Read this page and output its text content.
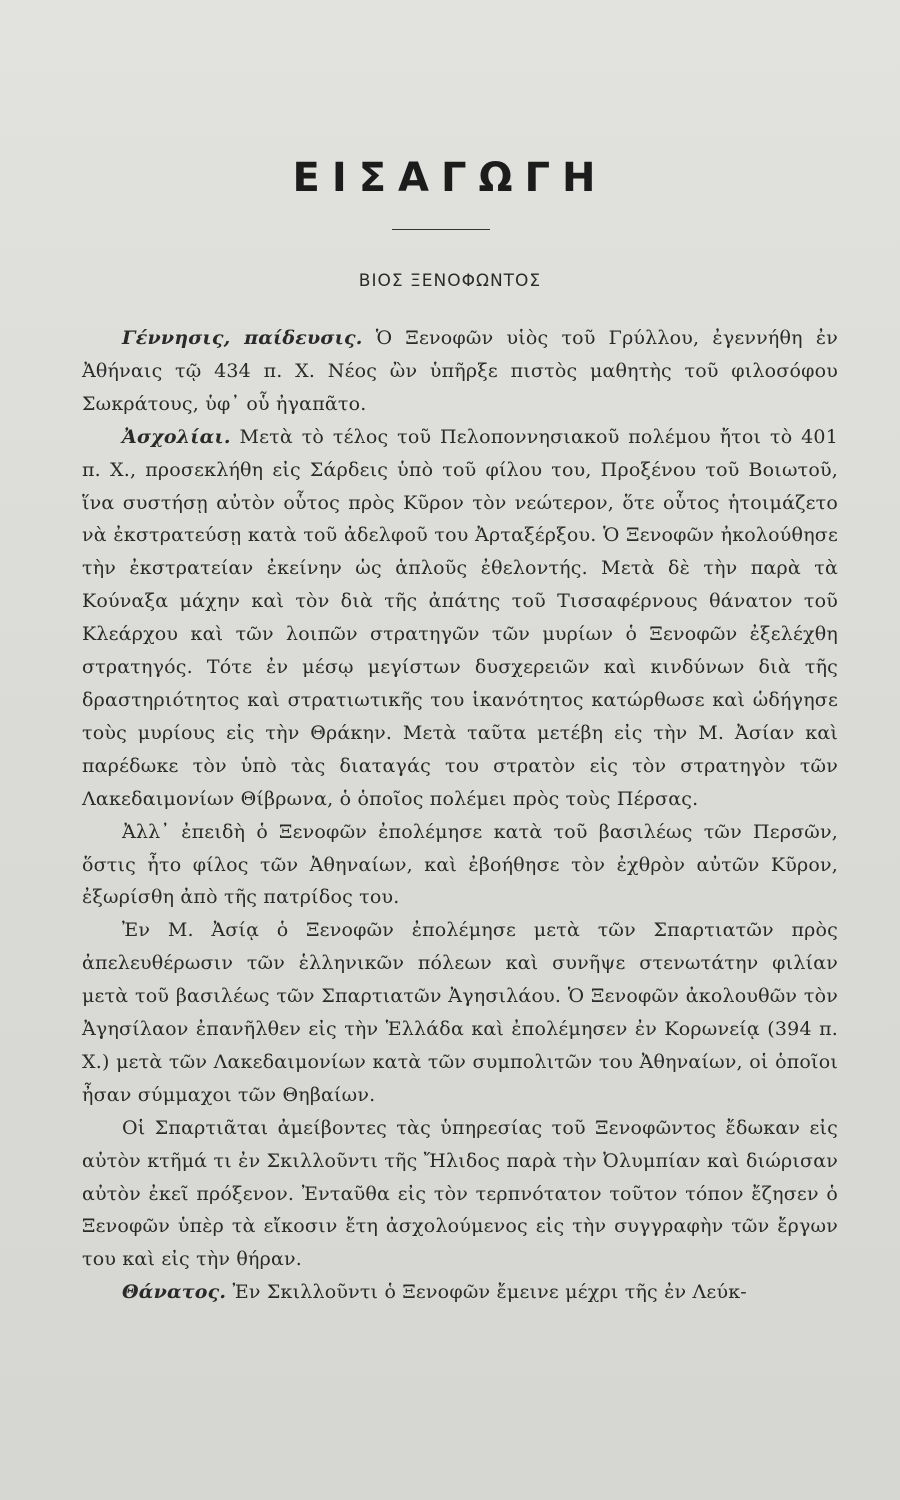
ΕΙΣΑΓΩΓΗ
ΒΙΟΣ ΞΕΝΟΦΩΝΤΟΣ

Γέννησις, παίδευσις. Ὁ Ξενοφῶν υἱὸς τοῦ Γρύλλου, ἐγεννήθη ἐν Ἀθήναις τῷ 434 π. Χ. Νέος ὢν ὑπῆρξε πιστὸς μαθητὴς τοῦ φιλοσόφου Σωκράτους, ὑφ᾿ οὗ ἠγαπᾶτο.

Ἀσχολίαι. Μετὰ τὸ τέλος τοῦ Πελοποννησιακοῦ πολέμου ἤτοι τὸ 401 π. Χ., προσεκλήθη εἰς Σάρδεις ὑπὸ τοῦ φίλου του, Προξένου τοῦ Βοιωτοῦ, ἵνα συστήσῃ αὐτὸν οὗτος πρὸς Κῦρον τὸν νεώτερον, ὅτε οὗτος ἡτοιμάζετο νὰ ἐκστρατεύσῃ κατὰ τοῦ ἀδελφοῦ του Ἀρταξέρξου. Ὁ Ξενοφῶν ἠκολούθησε τὴν ἐκστρατείαν ἐκείνην ὡς ἁπλοῦς ἐθελοντής. Μετὰ δὲ τὴν παρὰ τὰ Κούναξα μάχην καὶ τὸν διὰ τῆς ἀπάτης τοῦ Τισσαφέρνους θάνατον τοῦ Κλεάρχου καὶ τῶν λοιπῶν στρατηγῶν τῶν μυρίων ὁ Ξενοφῶν ἐξελέχθη στρατηγός. Τότε ἐν μέσῳ μεγίστων δυσχερειῶν καὶ κινδύνων διὰ τῆς δραστηριότητος καὶ στρατιωτικῆς του ἱκανότητος κατώρθωσε καὶ ὡδήγησε τοὺς μυρίους εἰς τὴν Θράκην. Μετὰ ταῦτα μετέβη εἰς τὴν Μ. Ἀσίαν καὶ παρέδωκε τὸν ὑπὸ τὰς διαταγάς του στρατὸν εἰς τὸν στρατηγὸν τῶν Λακεδαιμονίων Θίβρωνα, ὁ ὁποῖος πολέμει πρὸς τοὺς Πέρσας.

Ἀλλ᾿ ἐπειδὴ ὁ Ξενοφῶν ἐπολέμησε κατὰ τοῦ βασιλέως τῶν Περσῶν, ὅστις ἦτο φίλος τῶν Ἀθηναίων, καὶ ἐβοήθησε τὸν ἐχθρὸν αὐτῶν Κῦρον, ἐξωρίσθη ἀπὸ τῆς πατρίδος του.

Ἐν Μ. Ἀσίᾳ ὁ Ξενοφῶν ἐπολέμησε μετὰ τῶν Σπαρτιατῶν πρὸς ἀπελευθέρωσιν τῶν ἑλληνικῶν πόλεων καὶ συνῆψε στενωτάτην φιλίαν μετὰ τοῦ βασιλέως τῶν Σπαρτιατῶν Ἀγησιλάου. Ὁ Ξενοφῶν ἀκολουθῶν τὸν Ἀγησίλαον ἐπανῆλθεν εἰς τὴν Ἑλλάδα καὶ ἐπολέμησεν ἐν Κορωνείᾳ (394 π. Χ.) μετὰ τῶν Λακεδαιμονίων κατὰ τῶν συμπολιτῶν του Ἀθηναίων, οἱ ὁποῖοι ἦσαν σύμμαχοι τῶν Θηβαίων.

Οἱ Σπαρτιᾶται ἀμείβοντες τὰς ὑπηρεσίας τοῦ Ξενοφῶντος ἔδωκαν εἰς αὐτὸν κτῆμά τι ἐν Σκιλλοῦντι τῆς Ἤλιδος παρὰ τὴν Ὀλυμπίαν καὶ διώρισαν αὐτὸν ἐκεῖ πρόξενον. Ἐνταῦθα εἰς τὸν τερπνότατον τοῦτον τόπον ἔζησεν ὁ Ξενοφῶν ὑπὲρ τὰ εἴκοσιν ἔτη ἀσχολούμενος εἰς τὴν συγγραφὴν τῶν ἔργων του καὶ εἰς τὴν θήραν.

Θάνατος. Ἐν Σκιλλοῦντι ὁ Ξενοφῶν ἔμεινε μέχρι τῆς ἐν Λεύκ-
